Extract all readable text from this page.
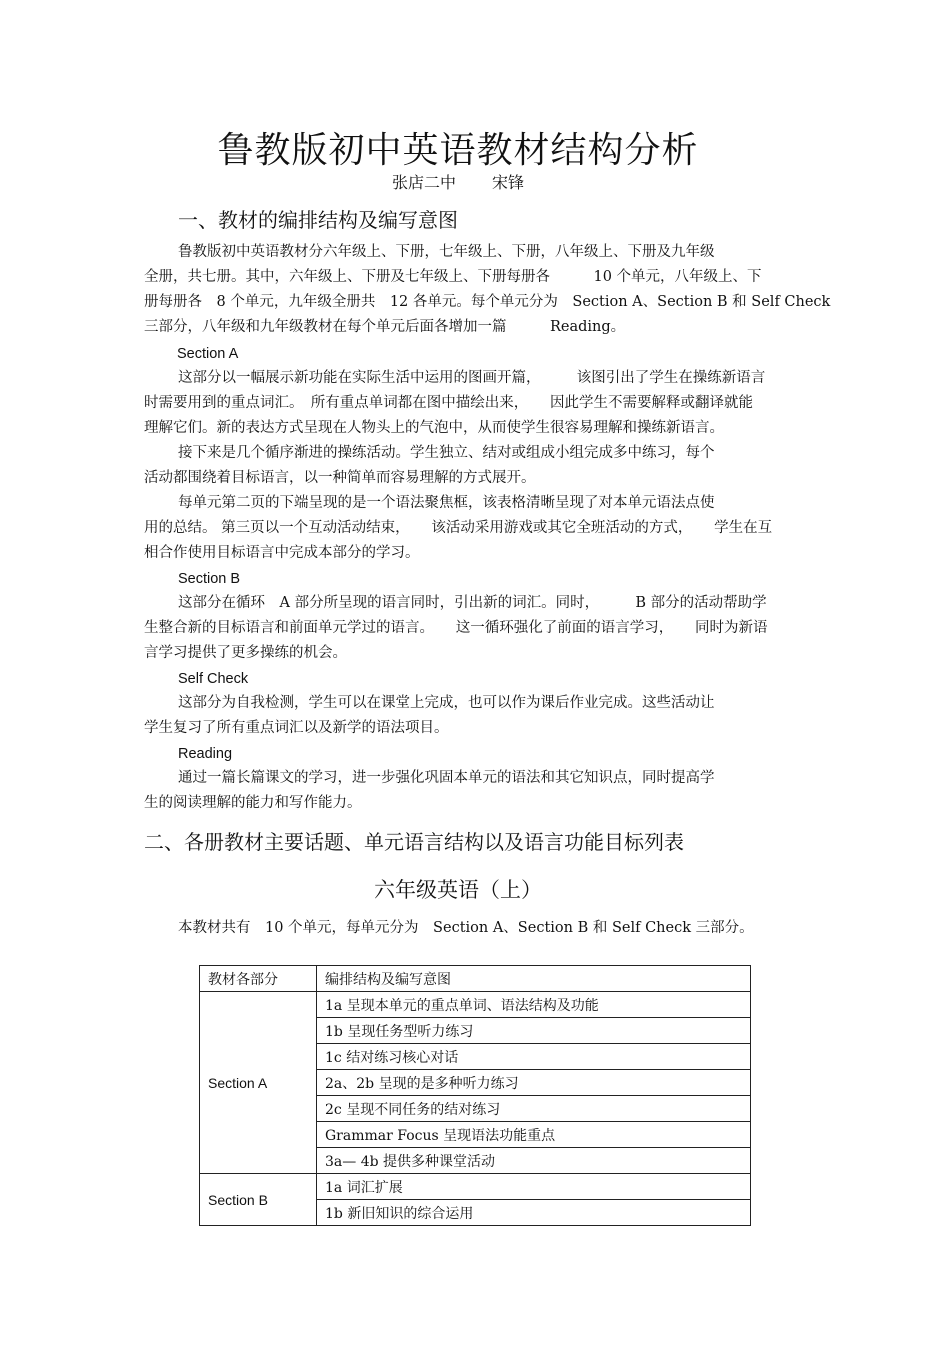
鲁教版初中英语教材结构分析
张店二中 宋锋
一、教材的编排结构及编写意图
鲁教版初中英语教材分六年级上、下册，七年级上、下册，八年级上、下册及九年级
全册，共七册。其中，六年级上、下册及七年级上、下册每册各　　　10 个单元，八年级上、下
册每册各　8 个单元，九年级全册共　12 各单元。每个单元分为　Section A、Section B 和 Self Check
三部分，八年级和九年级教材在每个单元后面各增加一篇　　　Reading。
Section A
这部分以一幅展示新功能在实际生活中运用的图画开篇，　　　该图引出了学生在操练新语言
时需要用到的重点词汇。　所有重点单词都在图中描绘出来，　　因此学生不需要解释或翻译就能
理解它们。新的表达方式呈现在人物头上的气泡中，从而使学生很容易理解和操练新语言。
接下来是几个循序渐进的操练活动。学生独立、结对或组成小组完成多中练习，每个
活动都围绕着目标语言，以一种简单而容易理解的方式展开。
每单元第二页的下端呈现的是一个语法聚焦框，该表格清晰呈现了对本单元语法点使
用的总结。 第三页以一个互动活动结束，　　该活动采用游戏或其它全班活动的方式，　　学生在互
相合作使用目标语言中完成本部分的学习。
Section B
这部分在循环　A 部分所呈现的语言同时，引出新的词汇。同时，　　　B 部分的活动帮助学
生整合新的目标语言和前面单元学过的语言。　　这一循环强化了前面的语言学习，　　同时为新语
言学习提供了更多操练的机会。
Self Check
这部分为自我检测，学生可以在课堂上完成，也可以作为课后作业完成。这些活动让
学生复习了所有重点词汇以及新学的语法项目。
Reading
通过一篇长篇课文的学习，进一步强化巩固本单元的语法和其它知识点，同时提高学
生的阅读理解的能力和写作能力。
二、各册教材主要话题、单元语言结构以及语言功能目标列表
六年级英语（上）
本教材共有　10 个单元，每单元分为　Section A、Section B 和 Self Check 三部分。
教材各部分	编排结构及编写意图
Section A	1a 呈现本单元的重点单词、语法结构及功能
	1b 呈现任务型听力练习
	1c 结对练习核心对话
	2a、2b 呈现的是多种听力练习
	2c 呈现不同任务的结对练习
	Grammar Focus 呈现语法功能重点
	3a— 4b 提供多种课堂活动
Section B	1a 词汇扩展
	1b 新旧知识的综合运用
